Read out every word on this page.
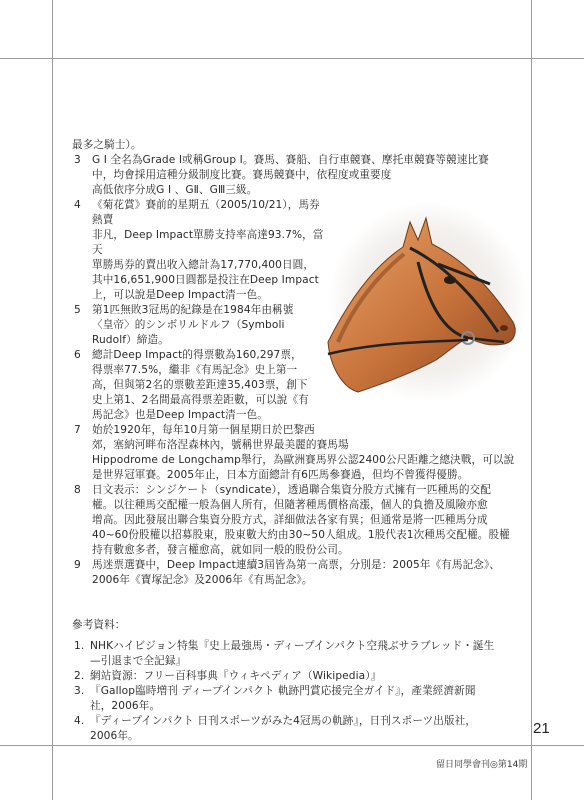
最多之騎士）。

3 G I 全名為Grade Ⅰ或稱Group Ⅰ。賽馬、賽船、自行車競賽、摩托車競賽等競速比賽
中，均會採用這種分級制度比賽。賽馬競賽中，依程度或重要度
高低依序分成G I 、GⅡ、GⅢ三級。
4 《菊花賞》賽前的星期五（2005/10/21），馬券熱賣
非凡，Deep Impact單勝支持率高達93.7%，當天
單勝馬券的賣出收入總計為17,770,400日圓，
其中16,651,900日圓都是投注在Deep Impact
上，可以說是Deep Impact清一色。
5 第1匹無敗3冠馬的紀錄是在1984年由稱號
〈皇帝〉的シンボリルドルフ（Symboli
Rudolf）締造。
6 總計Deep Impact的得票數為160,297票，
得票率77.5%，繼非《有馬記念》史上第一
高，但與第2名的票數差距達35,403票，創下
史上第1、2名間最高得票差距數，可以說《有
馬記念》也是Deep Impact清一色。
7 始於1920年，每年10月第一個星期日於巴黎西
郊，塞納河畔布洛涅森林內，號稱世界最美麗的賽馬場
Hippodrome de Longchamp舉行，為歐洲賽馬界公認2400公尺距離之總決戰，可以說
是世界冠軍賽。2005年止，日本方面總計有6匹馬參賽過，但均不曾獲得優勝。
8 日文表示：シンジケート（syndicate），透過聯合集資分股方式擁有一匹種馬的交配
權。以往種馬交配權一般為個人所有，但隨著種馬價格高漲，個人的負擔及風險亦愈
增高。因此發展出聯合集資分股方式，詳細做法各家有異；但通常是將一匹種馬分成
40~60份股權以招募股東，股東數大約由30~50人組成。1股代表1次種馬交配權。股權
持有數愈多者，發言權愈高，就如同一般的股份公司。
9 馬迷票選賽中，Deep Impact連續3屆皆為第一高票，分別是：2005年《有馬記念》、
2006年《寶塚記念》及2006年《有馬記念》。
參考資料：
1. NHKハイビジョン特集『史上最強馬・ディープインパクト空飛ぶサラブレッド・誕生
—引退まで全記録』
2. 網站資源：フリー百科事典『ウィキペディア（Wikipedia）』
3. 『Gallop臨時増刊 ディープインパクト 軌跡門賞応援完全ガイド』，產業經濟新聞
社，2006年。
4. 『ディープインパクト 日刊スポーツがみた4冠馬の軌跡』，日刊スポーツ出版社，
2006年。	21
留日同學會刊◎第14期
